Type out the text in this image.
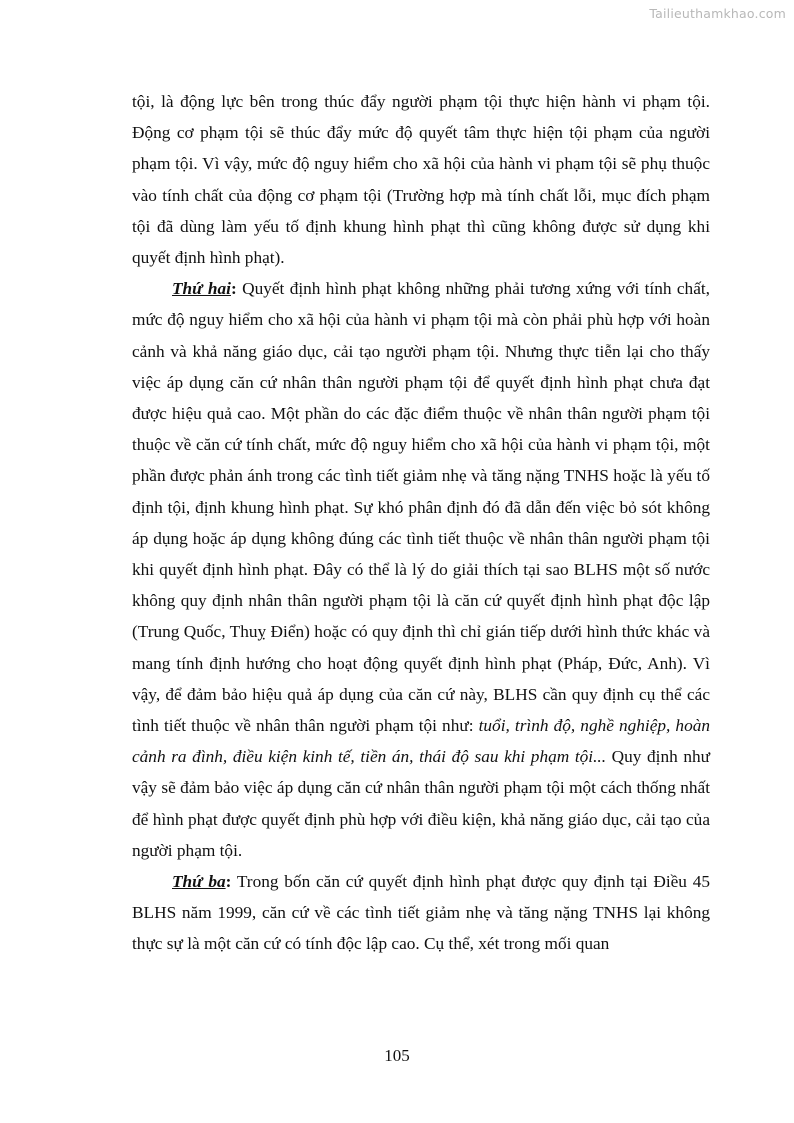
Tailieuthamkhao.com

tội, là động lực bên trong thúc đẩy người phạm tội thực hiện hành vi phạm tội. Động cơ phạm tội sẽ thúc đẩy mức độ quyết tâm thực hiện tội phạm của người phạm tội. Vì vậy, mức độ nguy hiểm cho xã hội của hành vi phạm tội sẽ phụ thuộc vào tính chất của động cơ phạm tội (Trường hợp mà tính chất lỗi, mục đích phạm tội đã dùng làm yếu tố định khung hình phạt thì cũng không được sử dụng khi quyết định hình phạt).

Thứ hai: Quyết định hình phạt không những phải tương xứng với tính chất, mức độ nguy hiểm cho xã hội của hành vi phạm tội mà còn phải phù hợp với hoàn cảnh và khả năng giáo dục, cải tạo người phạm tội. Nhưng thực tiễn lại cho thấy việc áp dụng căn cứ nhân thân người phạm tội để quyết định hình phạt chưa đạt được hiệu quả cao. Một phần do các đặc điểm thuộc về nhân thân người phạm tội thuộc về căn cứ tính chất, mức độ nguy hiểm cho xã hội của hành vi phạm tội, một phần được phản ánh trong các tình tiết giảm nhẹ và tăng nặng TNHS hoặc là yếu tố định tội, định khung hình phạt. Sự khó phân định đó đã dẫn đến việc bỏ sót không áp dụng hoặc áp dụng không đúng các tình tiết thuộc về nhân thân người phạm tội khi quyết định hình phạt. Đây có thể là lý do giải thích tại sao BLHS một số nước không quy định nhân thân người phạm tội là căn cứ quyết định hình phạt độc lập (Trung Quốc, Thuỵ Điển) hoặc có quy định thì chỉ gián tiếp dưới hình thức khác và mang tính định hướng cho hoạt động quyết định hình phạt (Pháp, Đức, Anh). Vì vậy, để đảm bảo hiệu quả áp dụng của căn cứ này, BLHS cần quy định cụ thể các tình tiết thuộc về nhân thân người phạm tội như: tuổi, trình độ, nghề nghiệp, hoàn cảnh ra đình, điều kiện kinh tế, tiền án, thái độ sau khi phạm tội... Quy định như vậy sẽ đảm bảo việc áp dụng căn cứ nhân thân người phạm tội một cách thống nhất để hình phạt được quyết định phù hợp với điều kiện, khả năng giáo dục, cải tạo của người phạm tội.

Thứ ba: Trong bốn căn cứ quyết định hình phạt được quy định tại Điều 45 BLHS năm 1999, căn cứ về các tình tiết giảm nhẹ và tăng nặng TNHS lại không thực sự là một căn cứ có tính độc lập cao. Cụ thể, xét trong mối quan

105
